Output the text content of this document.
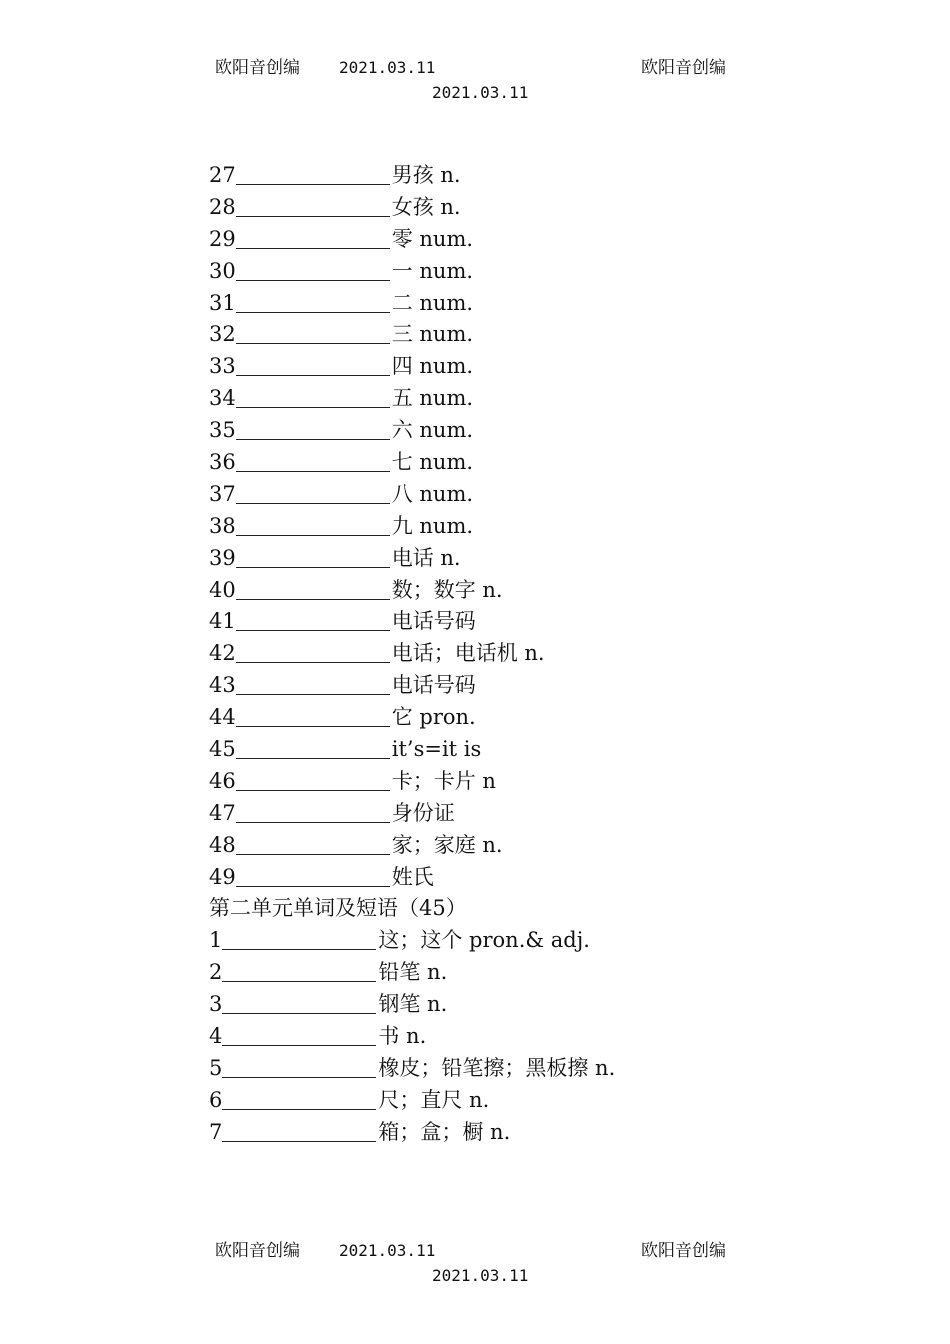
欧阳音创编 2021.03.11	欧阳音创编
2021.03.11
27	男孩 n.
28	女孩 n.
29	零 num.
30	一 num.
31	二 num.
32	三 num.
33	四 num.
34	五 num.
35	六 num.
36	七 num.
37	八 num.
38	九 num.
39	电话 n.
40	数；数字 n.
41	电话号码
42	电话；电话机 n.
43	电话号码
44	它 pron.
45	it’s=it is
46	卡；卡片 n
47	身份证
48	家；家庭 n.
49	姓氏
第二单元单词及短语（45）
1	这；这个 pron.& adj.
2	铅笔 n.
3	钢笔 n.
4	书 n.
5	橡皮；铅笔擦；黑板擦 n.
6	尺；直尺 n.
7	箱；盒；橱 n.
欧阳音创编 2021.03.11	欧阳音创编
2021.03.11
